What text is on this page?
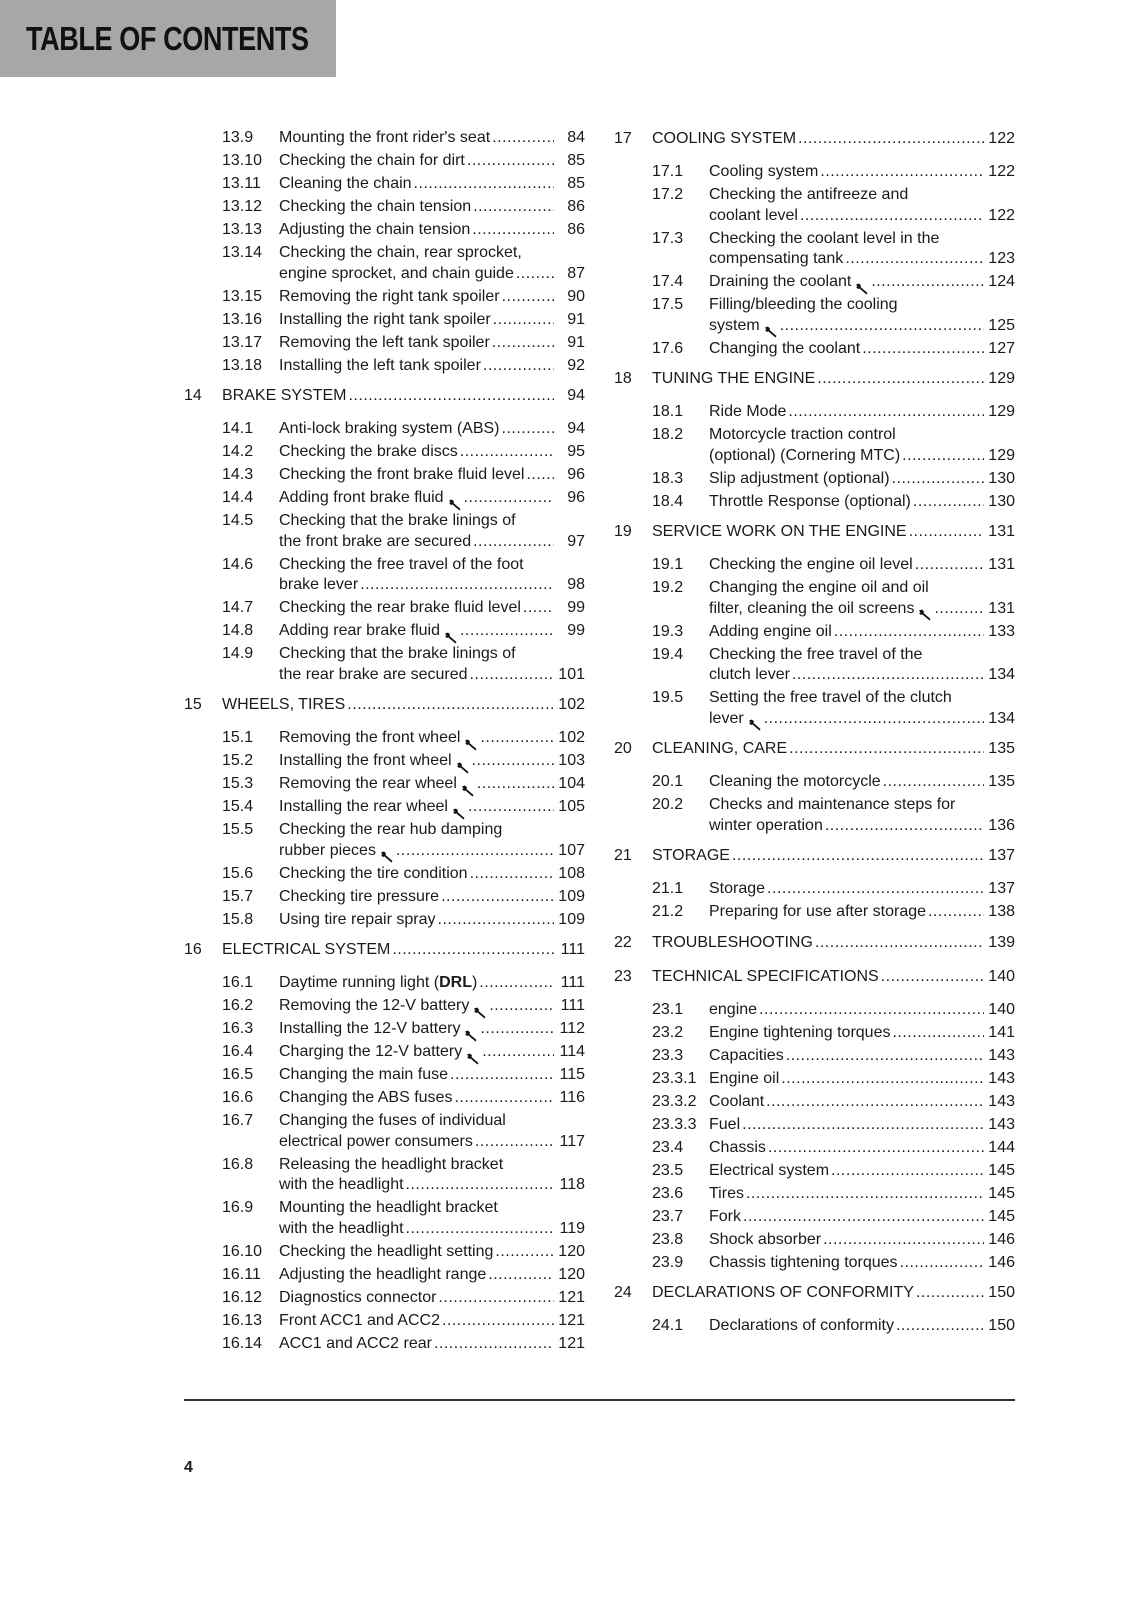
TABLE OF CONTENTS
13.9	Mounting the front rider's seat .....	84
13.10	Checking the chain for dirt .....	85
13.11	Cleaning the chain .....	85
13.12	Checking the chain tension .....	86
13.13	Adjusting the chain tension .....	86
13.14	Checking the chain, rear sprocket,
engine sprocket, and chain guide .....	87
13.15	Removing the right tank spoiler .....	90
13.16	Installing the right tank spoiler .....	91
13.17	Removing the left tank spoiler .....	91
13.18	Installing the left tank spoiler .....	92
14	BRAKE SYSTEM .....	94
14.1	Anti-lock braking system (ABS) .....	94
14.2	Checking the brake discs .....	95
14.3	Checking the front brake fluid level .....	96
14.4	Adding front brake fluid .....	96
14.5	Checking that the brake linings of
the front brake are secured .....	97
14.6	Checking the free travel of the foot
brake lever .....	98
14.7	Checking the rear brake fluid level .....	99
14.8	Adding rear brake fluid .....	99
14.9	Checking that the brake linings of
the rear brake are secured .....	101
15	WHEELS, TIRES .....	102
15.1	Removing the front wheel .....	102
15.2	Installing the front wheel .....	103
15.3	Removing the rear wheel .....	104
15.4	Installing the rear wheel .....	105
15.5	Checking the rear hub damping
rubber pieces .....	107
15.6	Checking the tire condition .....	108
15.7	Checking tire pressure .....	109
15.8	Using tire repair spray .....	109
16	ELECTRICAL SYSTEM .....	111
16.1	Daytime running light (DRL) .....	111
16.2	Removing the 12-V battery .....	111
16.3	Installing the 12-V battery .....	112
16.4	Charging the 12-V battery .....	114
16.5	Changing the main fuse .....	115
16.6	Changing the ABS fuses .....	116
16.7	Changing the fuses of individual
electrical power consumers .....	117
16.8	Releasing the headlight bracket
with the headlight .....	118
16.9	Mounting the headlight bracket
with the headlight .....	119
16.10	Checking the headlight setting .....	120
16.11	Adjusting the headlight range .....	120
16.12	Diagnostics connector .....	121
16.13	Front ACC1 and ACC2 .....	121
16.14	ACC1 and ACC2 rear .....	121
17	COOLING SYSTEM .....	122
17.1	Cooling system .....	122
17.2	Checking the antifreeze and
coolant level .....	122
17.3	Checking the coolant level in the
compensating tank .....	123
17.4	Draining the coolant .....	124
17.5	Filling/bleeding the cooling
system .....	125
17.6	Changing the coolant .....	127
18	TUNING THE ENGINE .....	129
18.1	Ride Mode .....	129
18.2	Motorcycle traction control
(optional) (Cornering MTC) .....	129
18.3	Slip adjustment (optional) .....	130
18.4	Throttle Response (optional) .....	130
19	SERVICE WORK ON THE ENGINE .....	131
19.1	Checking the engine oil level .....	131
19.2	Changing the engine oil and oil
filter, cleaning the oil screens .....	131
19.3	Adding engine oil .....	133
19.4	Checking the free travel of the
clutch lever .....	134
19.5	Setting the free travel of the clutch
lever .....	134
20	CLEANING, CARE .....	135
20.1	Cleaning the motorcycle .....	135
20.2	Checks and maintenance steps for
winter operation .....	136
21	STORAGE .....	137
21.1	Storage .....	137
21.2	Preparing for use after storage .....	138
22	TROUBLESHOOTING .....	139
23	TECHNICAL SPECIFICATIONS .....	140
23.1	engine .....	140
23.2	Engine tightening torques .....	141
23.3	Capacities .....	143
23.3.1 Engine oil .....	143
23.3.2 Coolant .....	143
23.3.3 Fuel .....	143
23.4	Chassis .....	144
23.5	Electrical system .....	145
23.6	Tires .....	145
23.7	Fork .....	145
23.8	Shock absorber .....	146
23.9	Chassis tightening torques .....	146
24	DECLARATIONS OF CONFORMITY .....	150
24.1	Declarations of conformity .....	150
4
